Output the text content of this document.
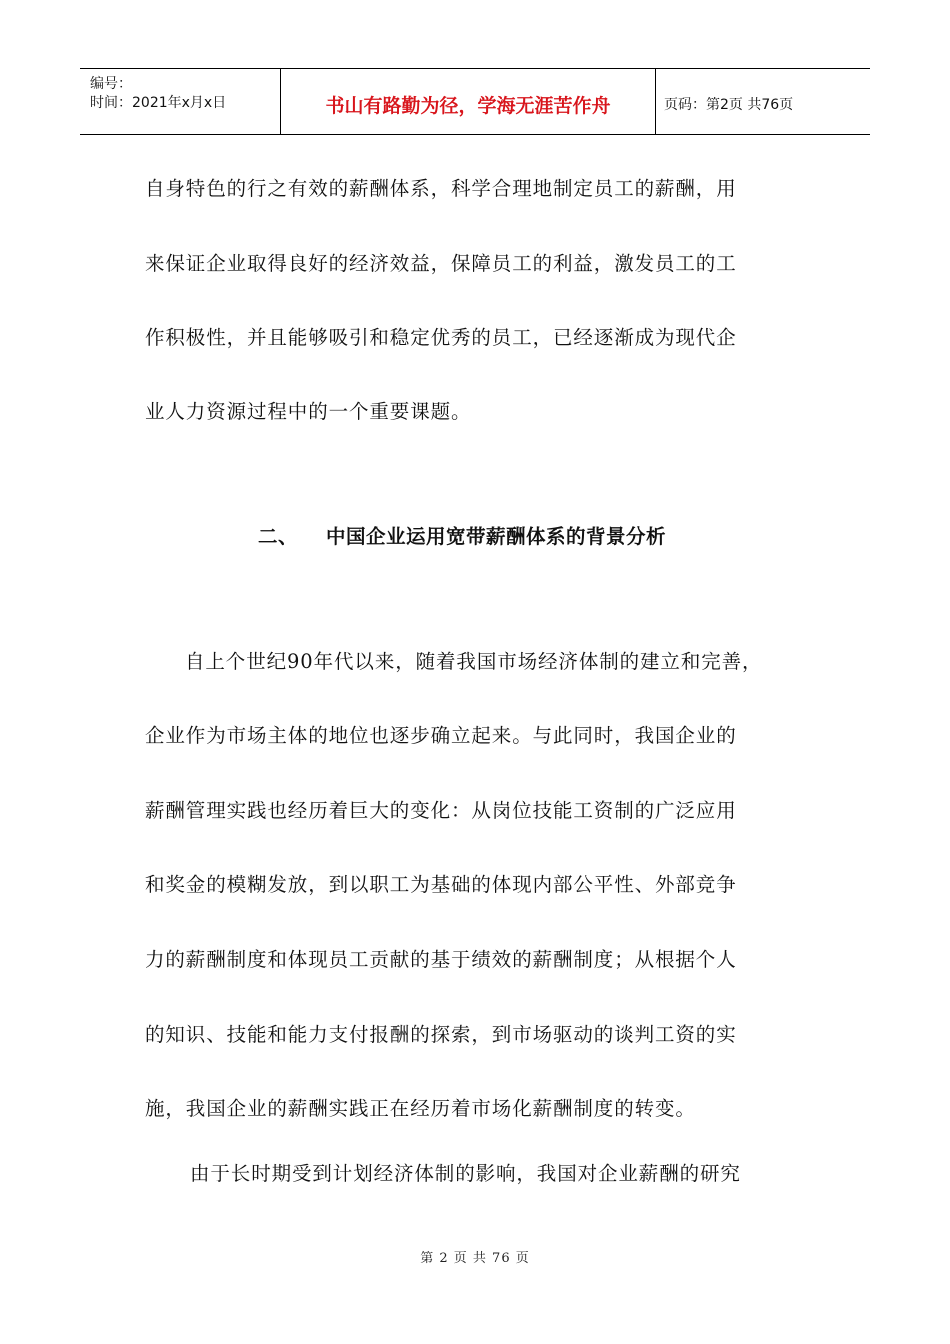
编号：
时间：2021年x月x日	书山有路勤为径，学海无涯苦作舟	页码：第2页 共76页
自身特色的行之有效的薪酬体系，科学合理地制定员工的薪酬，用
来保证企业取得良好的经济效益，保障员工的利益，激发员工的工
作积极性，并且能够吸引和稳定优秀的员工，已经逐渐成为现代企
业人力资源过程中的一个重要课题。
二、 中国企业运用宽带薪酬体系的背景分析
自上个世纪90年代以来，随着我国市场经济体制的建立和完善，
企业作为市场主体的地位也逐步确立起来。与此同时，我国企业的
薪酬管理实践也经历着巨大的变化：从岗位技能工资制的广泛应用
和奖金的模糊发放，到以职工为基础的体现内部公平性、外部竞争
力的薪酬制度和体现员工贡献的基于绩效的薪酬制度；从根据个人
的知识、技能和能力支付报酬的探索，到市场驱动的谈判工资的实
施，我国企业的薪酬实践正在经历着市场化薪酬制度的转变。
由于长时期受到计划经济体制的影响，我国对企业薪酬的研究
第 2 页 共 76 页
